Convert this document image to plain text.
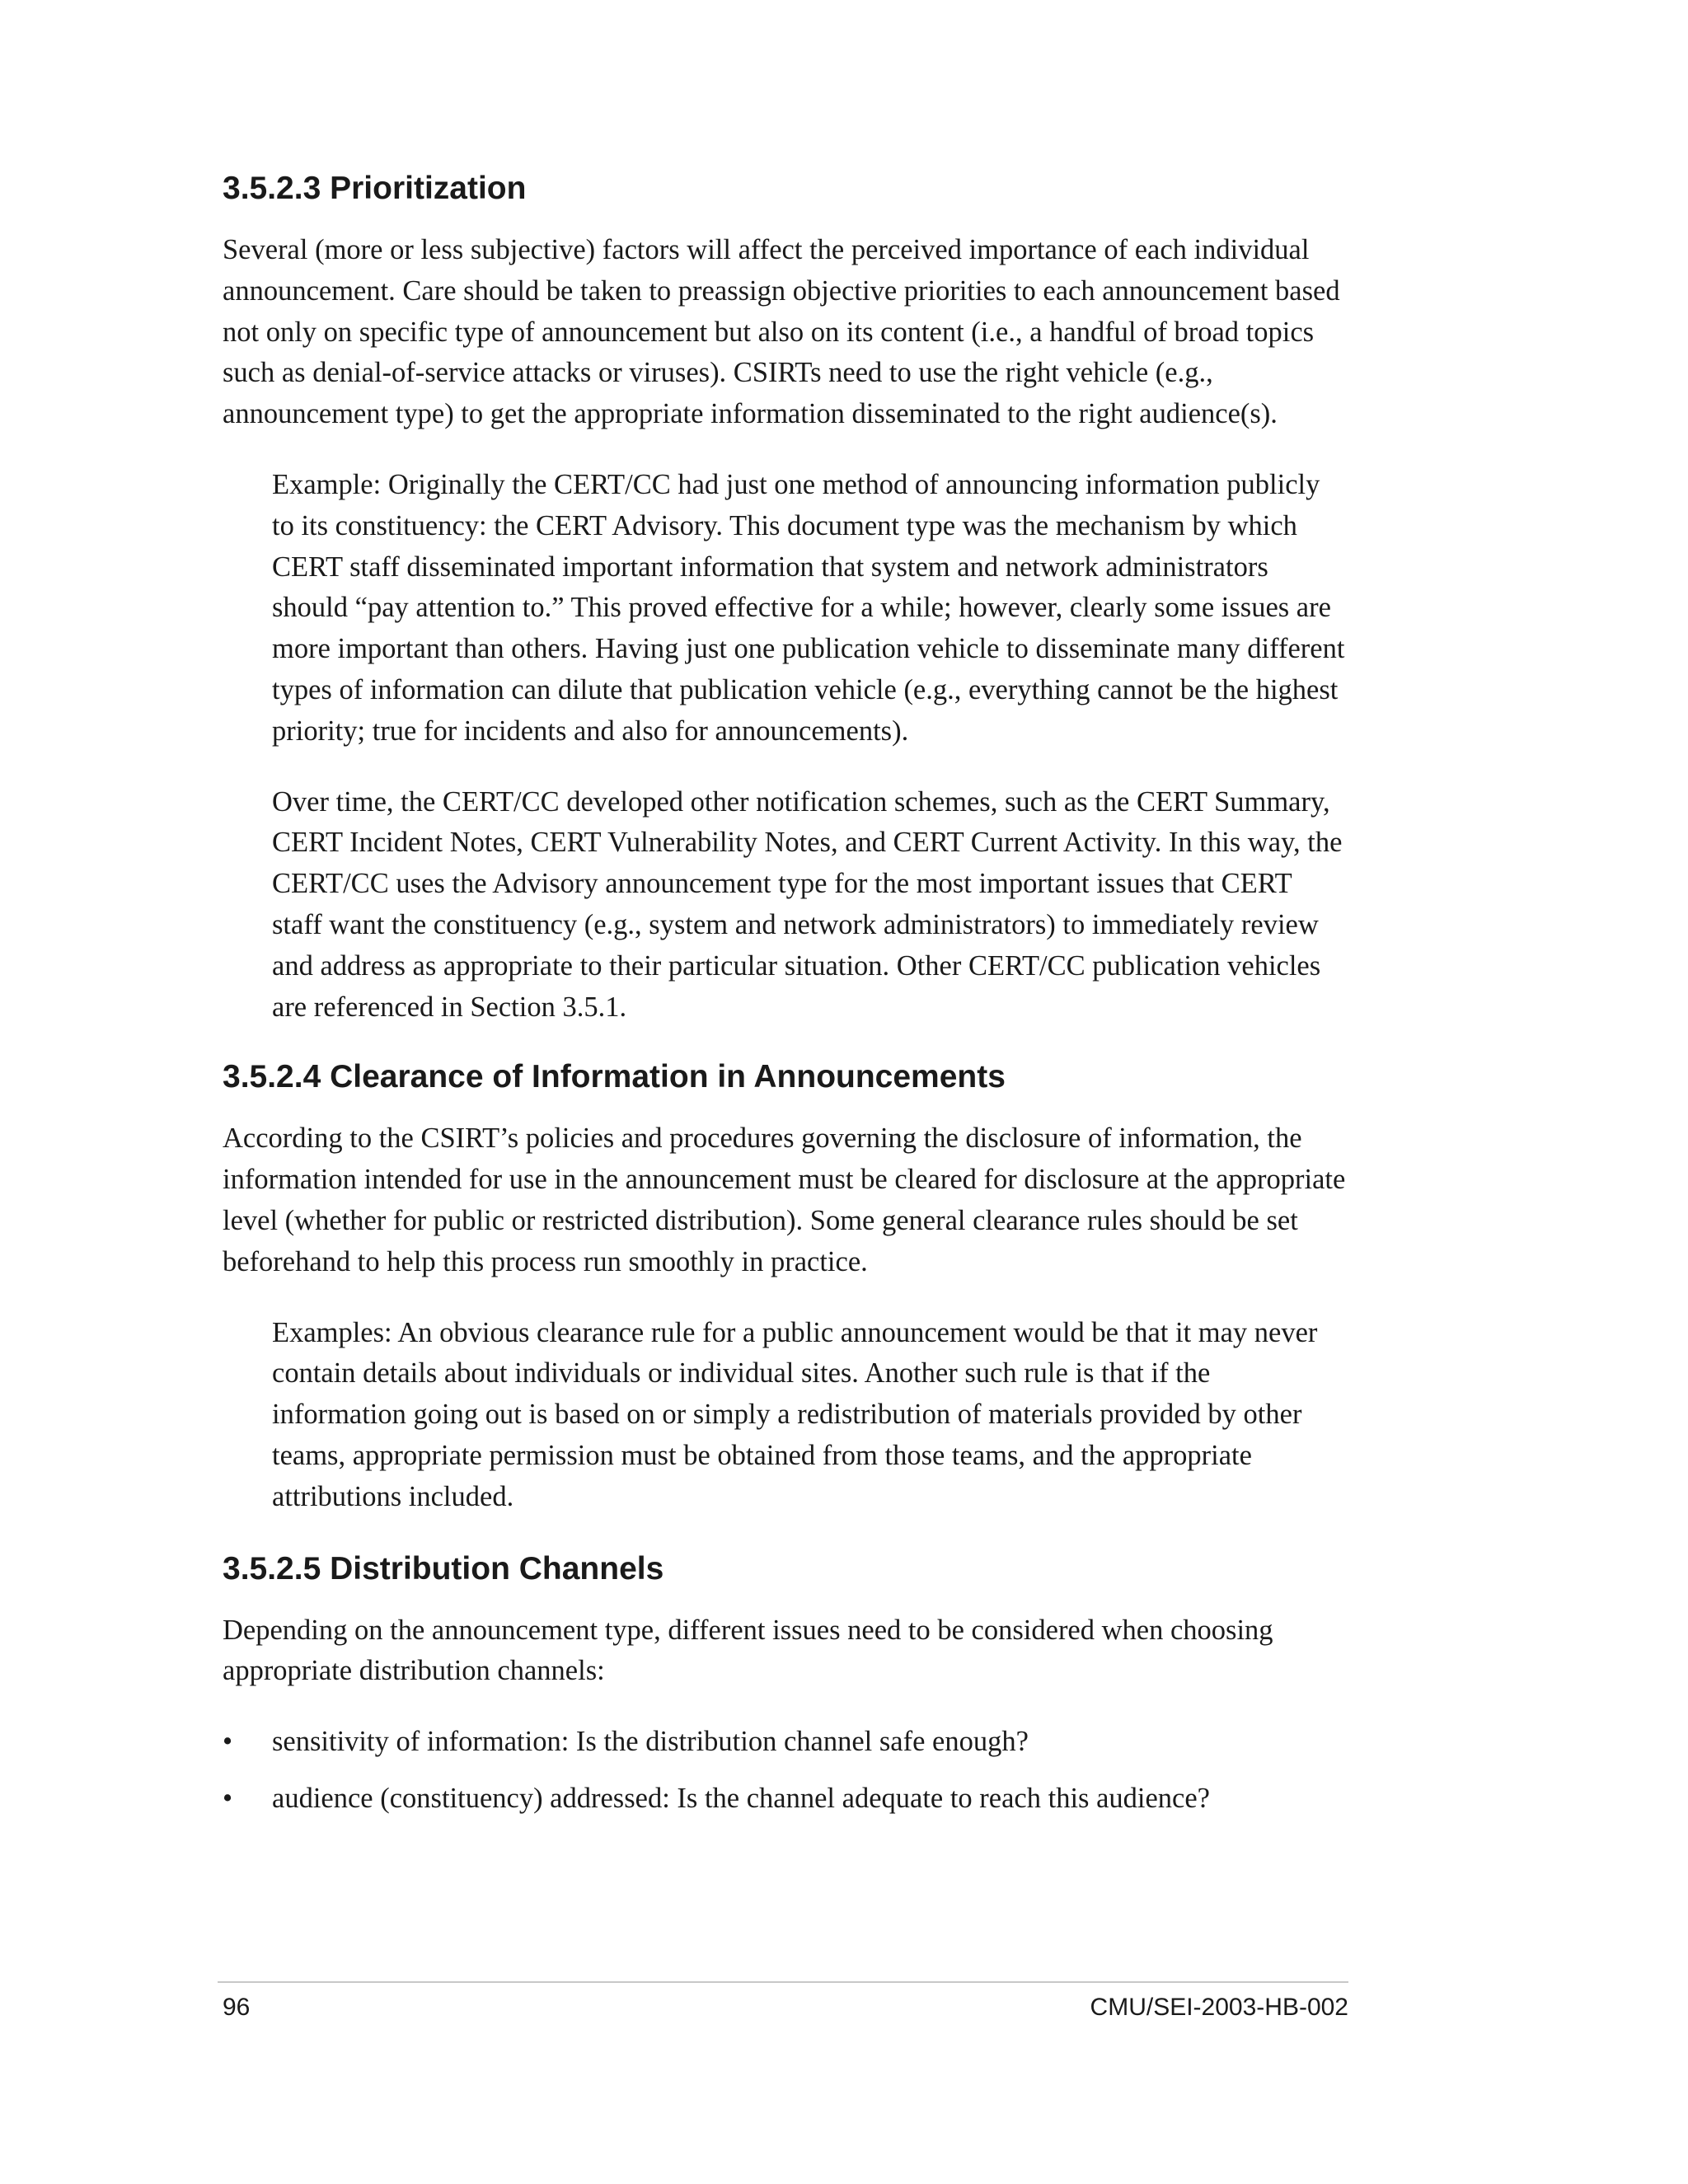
3.5.2.3 Prioritization

Several (more or less subjective) factors will affect the perceived importance of each individual announcement. Care should be taken to preassign objective priorities to each announcement based not only on specific type of announcement but also on its content (i.e., a handful of broad topics such as denial-of-service attacks or viruses). CSIRTs need to use the right vehicle (e.g., announcement type) to get the appropriate information disseminated to the right audience(s).

Example: Originally the CERT/CC had just one method of announcing information publicly to its constituency: the CERT Advisory. This document type was the mechanism by which CERT staff disseminated important information that system and network administrators should “pay attention to.” This proved effective for a while; however, clearly some issues are more important than others. Having just one publication vehicle to disseminate many different types of information can dilute that publication vehicle (e.g., everything cannot be the highest priority; true for incidents and also for announcements).

Over time, the CERT/CC developed other notification schemes, such as the CERT Summary, CERT Incident Notes, CERT Vulnerability Notes, and CERT Current Activity. In this way, the CERT/CC uses the Advisory announcement type for the most important issues that CERT staff want the constituency (e.g., system and network administrators) to immediately review and address as appropriate to their particular situation. Other CERT/CC publication vehicles are referenced in Section 3.5.1.

3.5.2.4 Clearance of Information in Announcements

According to the CSIRT’s policies and procedures governing the disclosure of information, the information intended for use in the announcement must be cleared for disclosure at the appropriate level (whether for public or restricted distribution). Some general clearance rules should be set beforehand to help this process run smoothly in practice.

Examples: An obvious clearance rule for a public announcement would be that it may never contain details about individuals or individual sites. Another such rule is that if the information going out is based on or simply a redistribution of materials provided by other teams, appropriate permission must be obtained from those teams, and the appropriate attributions included.

3.5.2.5 Distribution Channels

Depending on the announcement type, different issues need to be considered when choosing appropriate distribution channels:

•	sensitivity of information: Is the distribution channel safe enough?
•	audience (constituency) addressed: Is the channel adequate to reach this audience?
96	CMU/SEI-2003-HB-002
